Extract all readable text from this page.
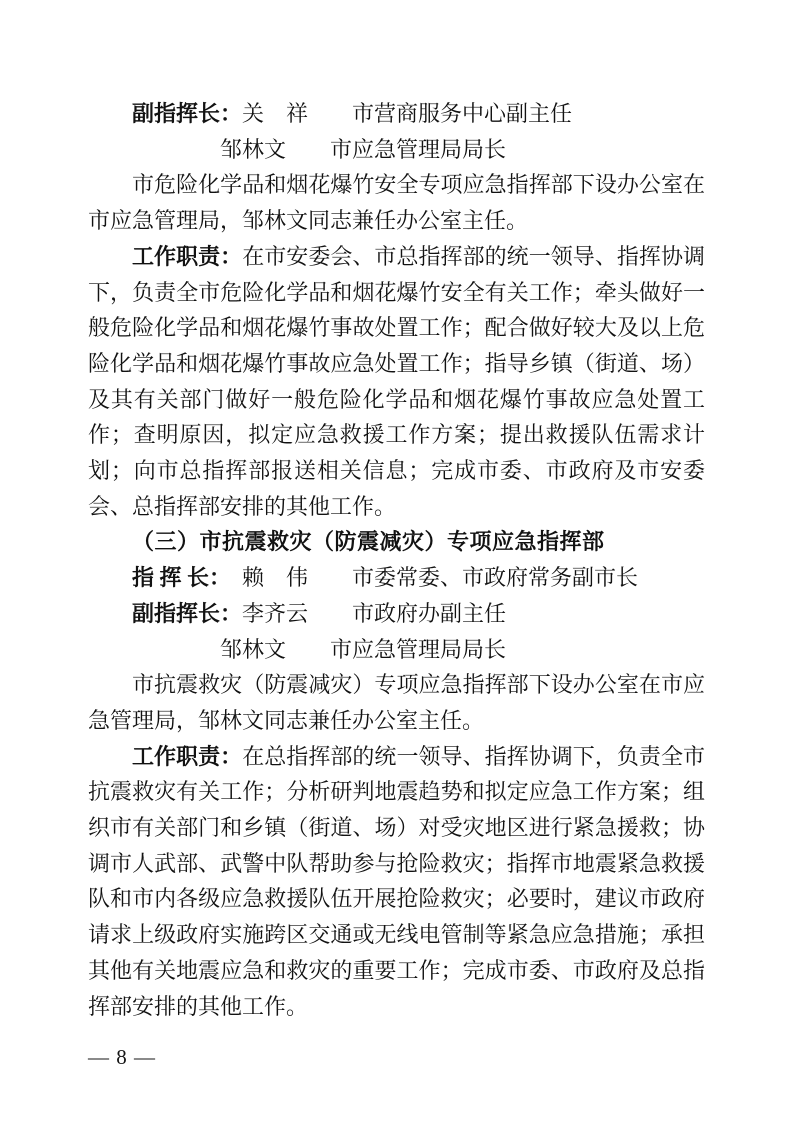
副指挥长：关　祥 市营商服务中心副主任
邹林文 市应急管理局局长

市危险化学品和烟花爆竹安全专项应急指挥部下设办公室在市应急管理局，邹林文同志兼任办公室主任。

工作职责：在市安委会、市总指挥部的统一领导、指挥协调下，负责全市危险化学品和烟花爆竹安全有关工作；牵头做好一般危险化学品和烟花爆竹事故处置工作；配合做好较大及以上危险化学品和烟花爆竹事故应急处置工作；指导乡镇（街道、场）及其有关部门做好一般危险化学品和烟花爆竹事故应急处置工作；查明原因，拟定应急救援工作方案；提出救援队伍需求计划；向市总指挥部报送相关信息；完成市委、市政府及市安委会、总指挥部安排的其他工作。

（三）市抗震救灾（防震减灾）专项应急指挥部

指 挥 长： 赖　伟 市委常委、市政府常务副市长
副指挥长：李齐云 市政府办副主任
邹林文 市应急管理局局长

市抗震救灾（防震减灾）专项应急指挥部下设办公室在市应急管理局，邹林文同志兼任办公室主任。

工作职责：在总指挥部的统一领导、指挥协调下，负责全市抗震救灾有关工作；分析研判地震趋势和拟定应急工作方案；组织市有关部门和乡镇（街道、场）对受灾地区进行紧急援救；协调市人武部、武警中队帮助参与抢险救灾；指挥市地震紧急救援队和市内各级应急救援队伍开展抢险救灾；必要时，建议市政府请求上级政府实施跨区交通或无线电管制等紧急应急措施；承担其他有关地震应急和救灾的重要工作；完成市委、市政府及总指挥部安排的其他工作。

— 8 —
